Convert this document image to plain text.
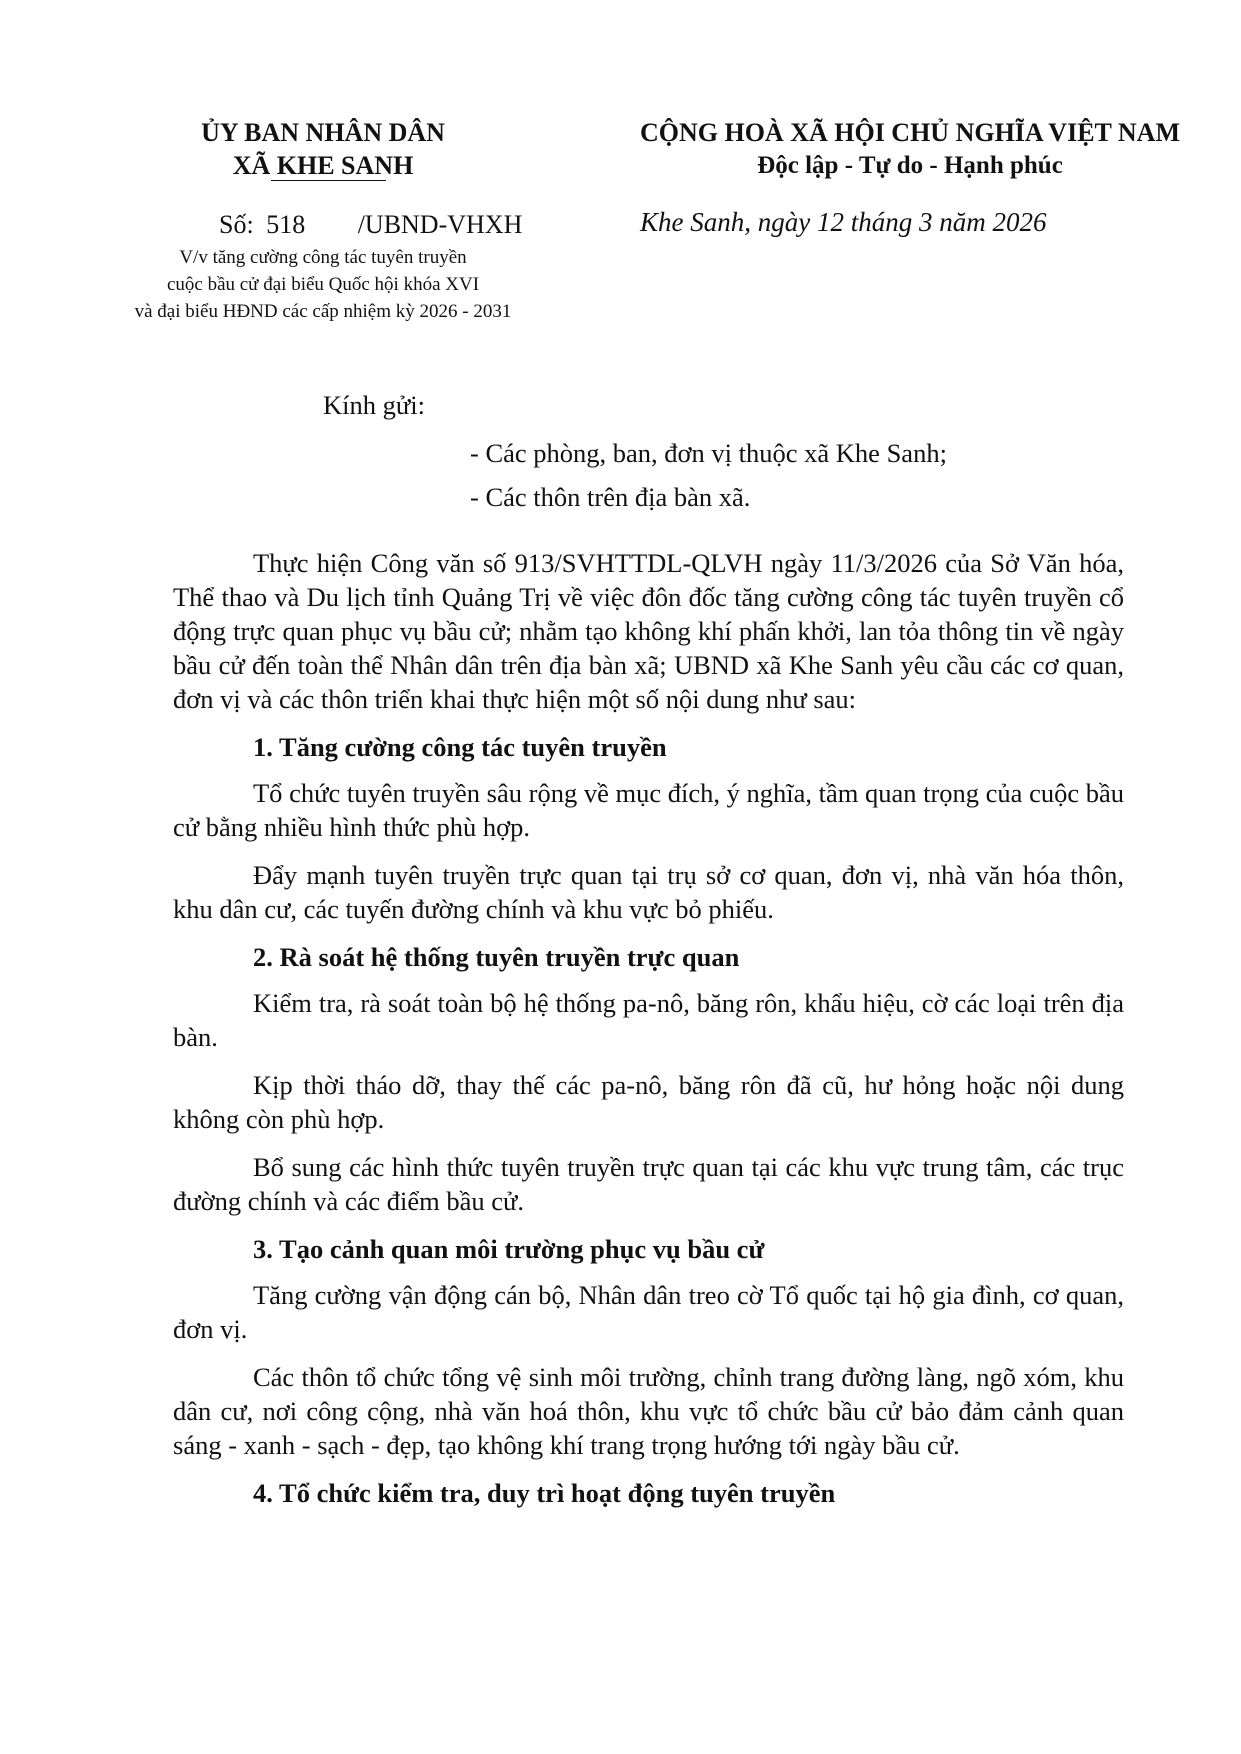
ỦY BAN NHÂN DÂN
XÃ KHE SANH
CỘNG HOÀ XÃ HỘI CHỦ NGHĨA VIỆT NAM
Độc lập - Tự do - Hạnh phúc
Số: 518 /UBND-VHXH
V/v tăng cường công tác tuyên truyền
cuộc bầu cử đại biểu Quốc hội khóa XVI
và đại biểu HĐND các cấp nhiệm kỳ 2026 - 2031
Khe Sanh, ngày 12 tháng 3 năm 2026
Kính gửi:
- Các phòng, ban, đơn vị thuộc xã Khe Sanh;
- Các thôn trên địa bàn xã.

Thực hiện Công văn số 913/SVHTTDL-QLVH ngày 11/3/2026 của Sở Văn hóa, Thể thao và Du lịch tỉnh Quảng Trị về việc đôn đốc tăng cường công tác tuyên truyền cổ động trực quan phục vụ bầu cử; nhằm tạo không khí phấn khởi, lan tỏa thông tin về ngày bầu cử đến toàn thể Nhân dân trên địa bàn xã; UBND xã Khe Sanh yêu cầu các cơ quan, đơn vị và các thôn triển khai thực hiện một số nội dung như sau:

1. Tăng cường công tác tuyên truyền

Tổ chức tuyên truyền sâu rộng về mục đích, ý nghĩa, tầm quan trọng của cuộc bầu cử bằng nhiều hình thức phù hợp.

Đẩy mạnh tuyên truyền trực quan tại trụ sở cơ quan, đơn vị, nhà văn hóa thôn, khu dân cư, các tuyến đường chính và khu vực bỏ phiếu.

2. Rà soát hệ thống tuyên truyền trực quan

Kiểm tra, rà soát toàn bộ hệ thống pa-nô, băng rôn, khẩu hiệu, cờ các loại trên địa bàn.

Kịp thời tháo dỡ, thay thế các pa-nô, băng rôn đã cũ, hư hỏng hoặc nội dung không còn phù hợp.

Bổ sung các hình thức tuyên truyền trực quan tại các khu vực trung tâm, các trục đường chính và các điểm bầu cử.

3. Tạo cảnh quan môi trường phục vụ bầu cử

Tăng cường vận động cán bộ, Nhân dân treo cờ Tổ quốc tại hộ gia đình, cơ quan, đơn vị.

Các thôn tổ chức tổng vệ sinh môi trường, chỉnh trang đường làng, ngõ xóm, khu dân cư, nơi công cộng, nhà văn hoá thôn, khu vực tổ chức bầu cử bảo đảm cảnh quan sáng - xanh - sạch - đẹp, tạo không khí trang trọng hướng tới ngày bầu cử.

4. Tổ chức kiểm tra, duy trì hoạt động tuyên truyền
